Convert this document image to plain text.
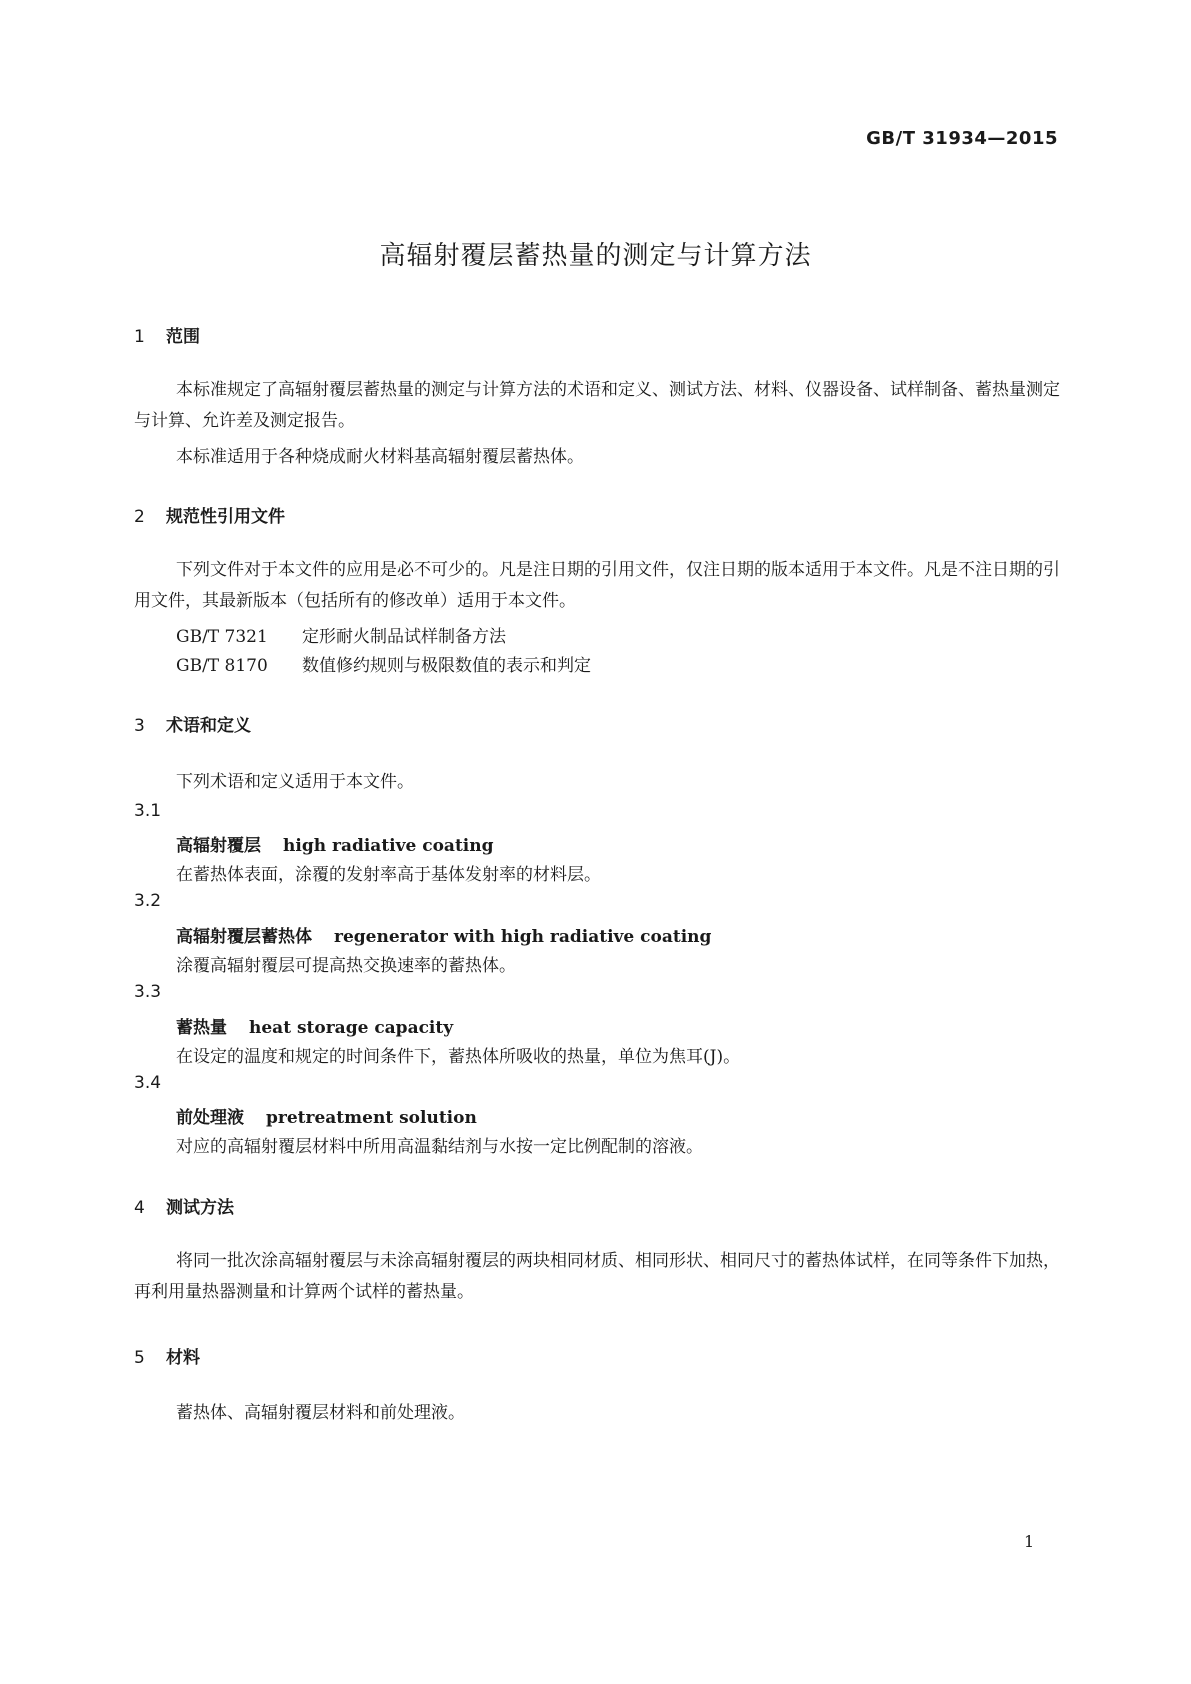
GB/T 31934—2015
高辐射覆层蓄热量的测定与计算方法
1 范围
本标准规定了高辐射覆层蓄热量的测定与计算方法的术语和定义、测试方法、材料、仪器设备、试样制备、蓄热量测定与计算、允许差及测定报告。
本标准适用于各种烧成耐火材料基高辐射覆层蓄热体。
2 规范性引用文件
下列文件对于本文件的应用是必不可少的。凡是注日期的引用文件，仅注日期的版本适用于本文件。凡是不注日期的引用文件，其最新版本（包括所有的修改单）适用于本文件。
GB/T 7321 定形耐火制品试样制备方法
GB/T 8170 数值修约规则与极限数值的表示和判定
3 术语和定义
下列术语和定义适用于本文件。
3.1
高辐射覆层 high radiative coating
在蓄热体表面，涂覆的发射率高于基体发射率的材料层。
3.2
高辐射覆层蓄热体 regenerator with high radiative coating
涂覆高辐射覆层可提高热交换速率的蓄热体。
3.3
蓄热量 heat storage capacity
在设定的温度和规定的时间条件下，蓄热体所吸收的热量，单位为焦耳(J)。
3.4
前处理液 pretreatment solution
对应的高辐射覆层材料中所用高温黏结剂与水按一定比例配制的溶液。
4 测试方法
将同一批次涂高辐射覆层与未涂高辐射覆层的两块相同材质、相同形状、相同尺寸的蓄热体试样，在同等条件下加热，再利用量热器测量和计算两个试样的蓄热量。
5 材料
蓄热体、高辐射覆层材料和前处理液。
1
